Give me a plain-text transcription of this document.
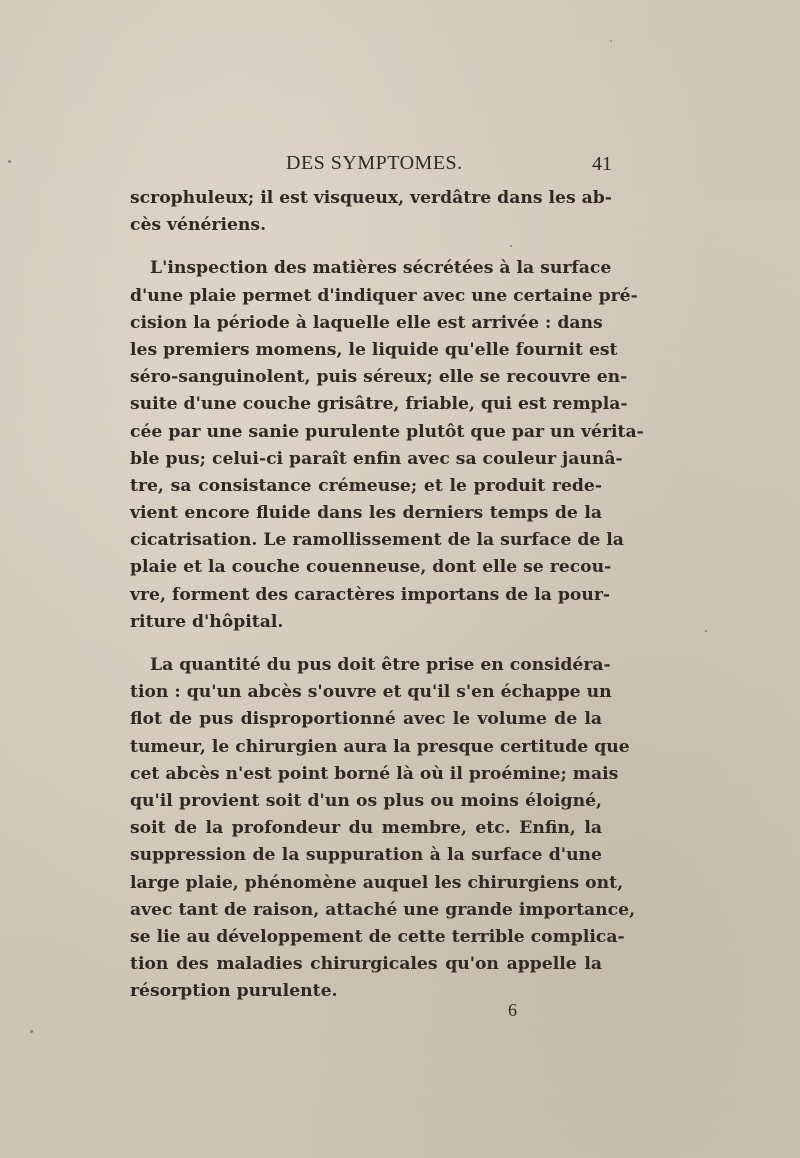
DES SYMPTOMES.	41

scrophuleux; il est visqueux, verdâtre dans les ab-
cès vénériens.

L'inspection des matières sécrétées à la surface
d'une plaie permet d'indiquer avec une certaine pré-
cision la période à laquelle elle est arrivée : dans
les premiers momens, le liquide qu'elle fournit est
séro-sanguinolent, puis séreux; elle se recouvre en-
suite d'une couche grisâtre, friable, qui est rempla-
cée par une sanie purulente plutôt que par un vérita-
ble pus; celui-ci paraît enfin avec sa couleur jaunâ-
tre, sa consistance crémeuse; et le produit rede-
vient encore fluide dans les derniers temps de la
cicatrisation. Le ramollissement de la surface de la
plaie et la couche couenneuse, dont elle se recou-
vre, forment des caractères importans de la pour-
riture d'hôpital.

La quantité du pus doit être prise en considéra-
tion : qu'un abcès s'ouvre et qu'il s'en échappe un
flot de pus disproportionné avec le volume de la
tumeur, le chirurgien aura la presque certitude que
cet abcès n'est point borné là où il proémine; mais
qu'il provient soit d'un os plus ou moins éloigné,
soit de la profondeur du membre, etc. Enfin, la
suppression de la suppuration à la surface d'une
large plaie, phénomène auquel les chirurgiens ont,
avec tant de raison, attaché une grande importance,
se lie au développement de cette terrible complica-
tion des maladies chirurgicales qu'on appelle la
résorption purulente.

6
